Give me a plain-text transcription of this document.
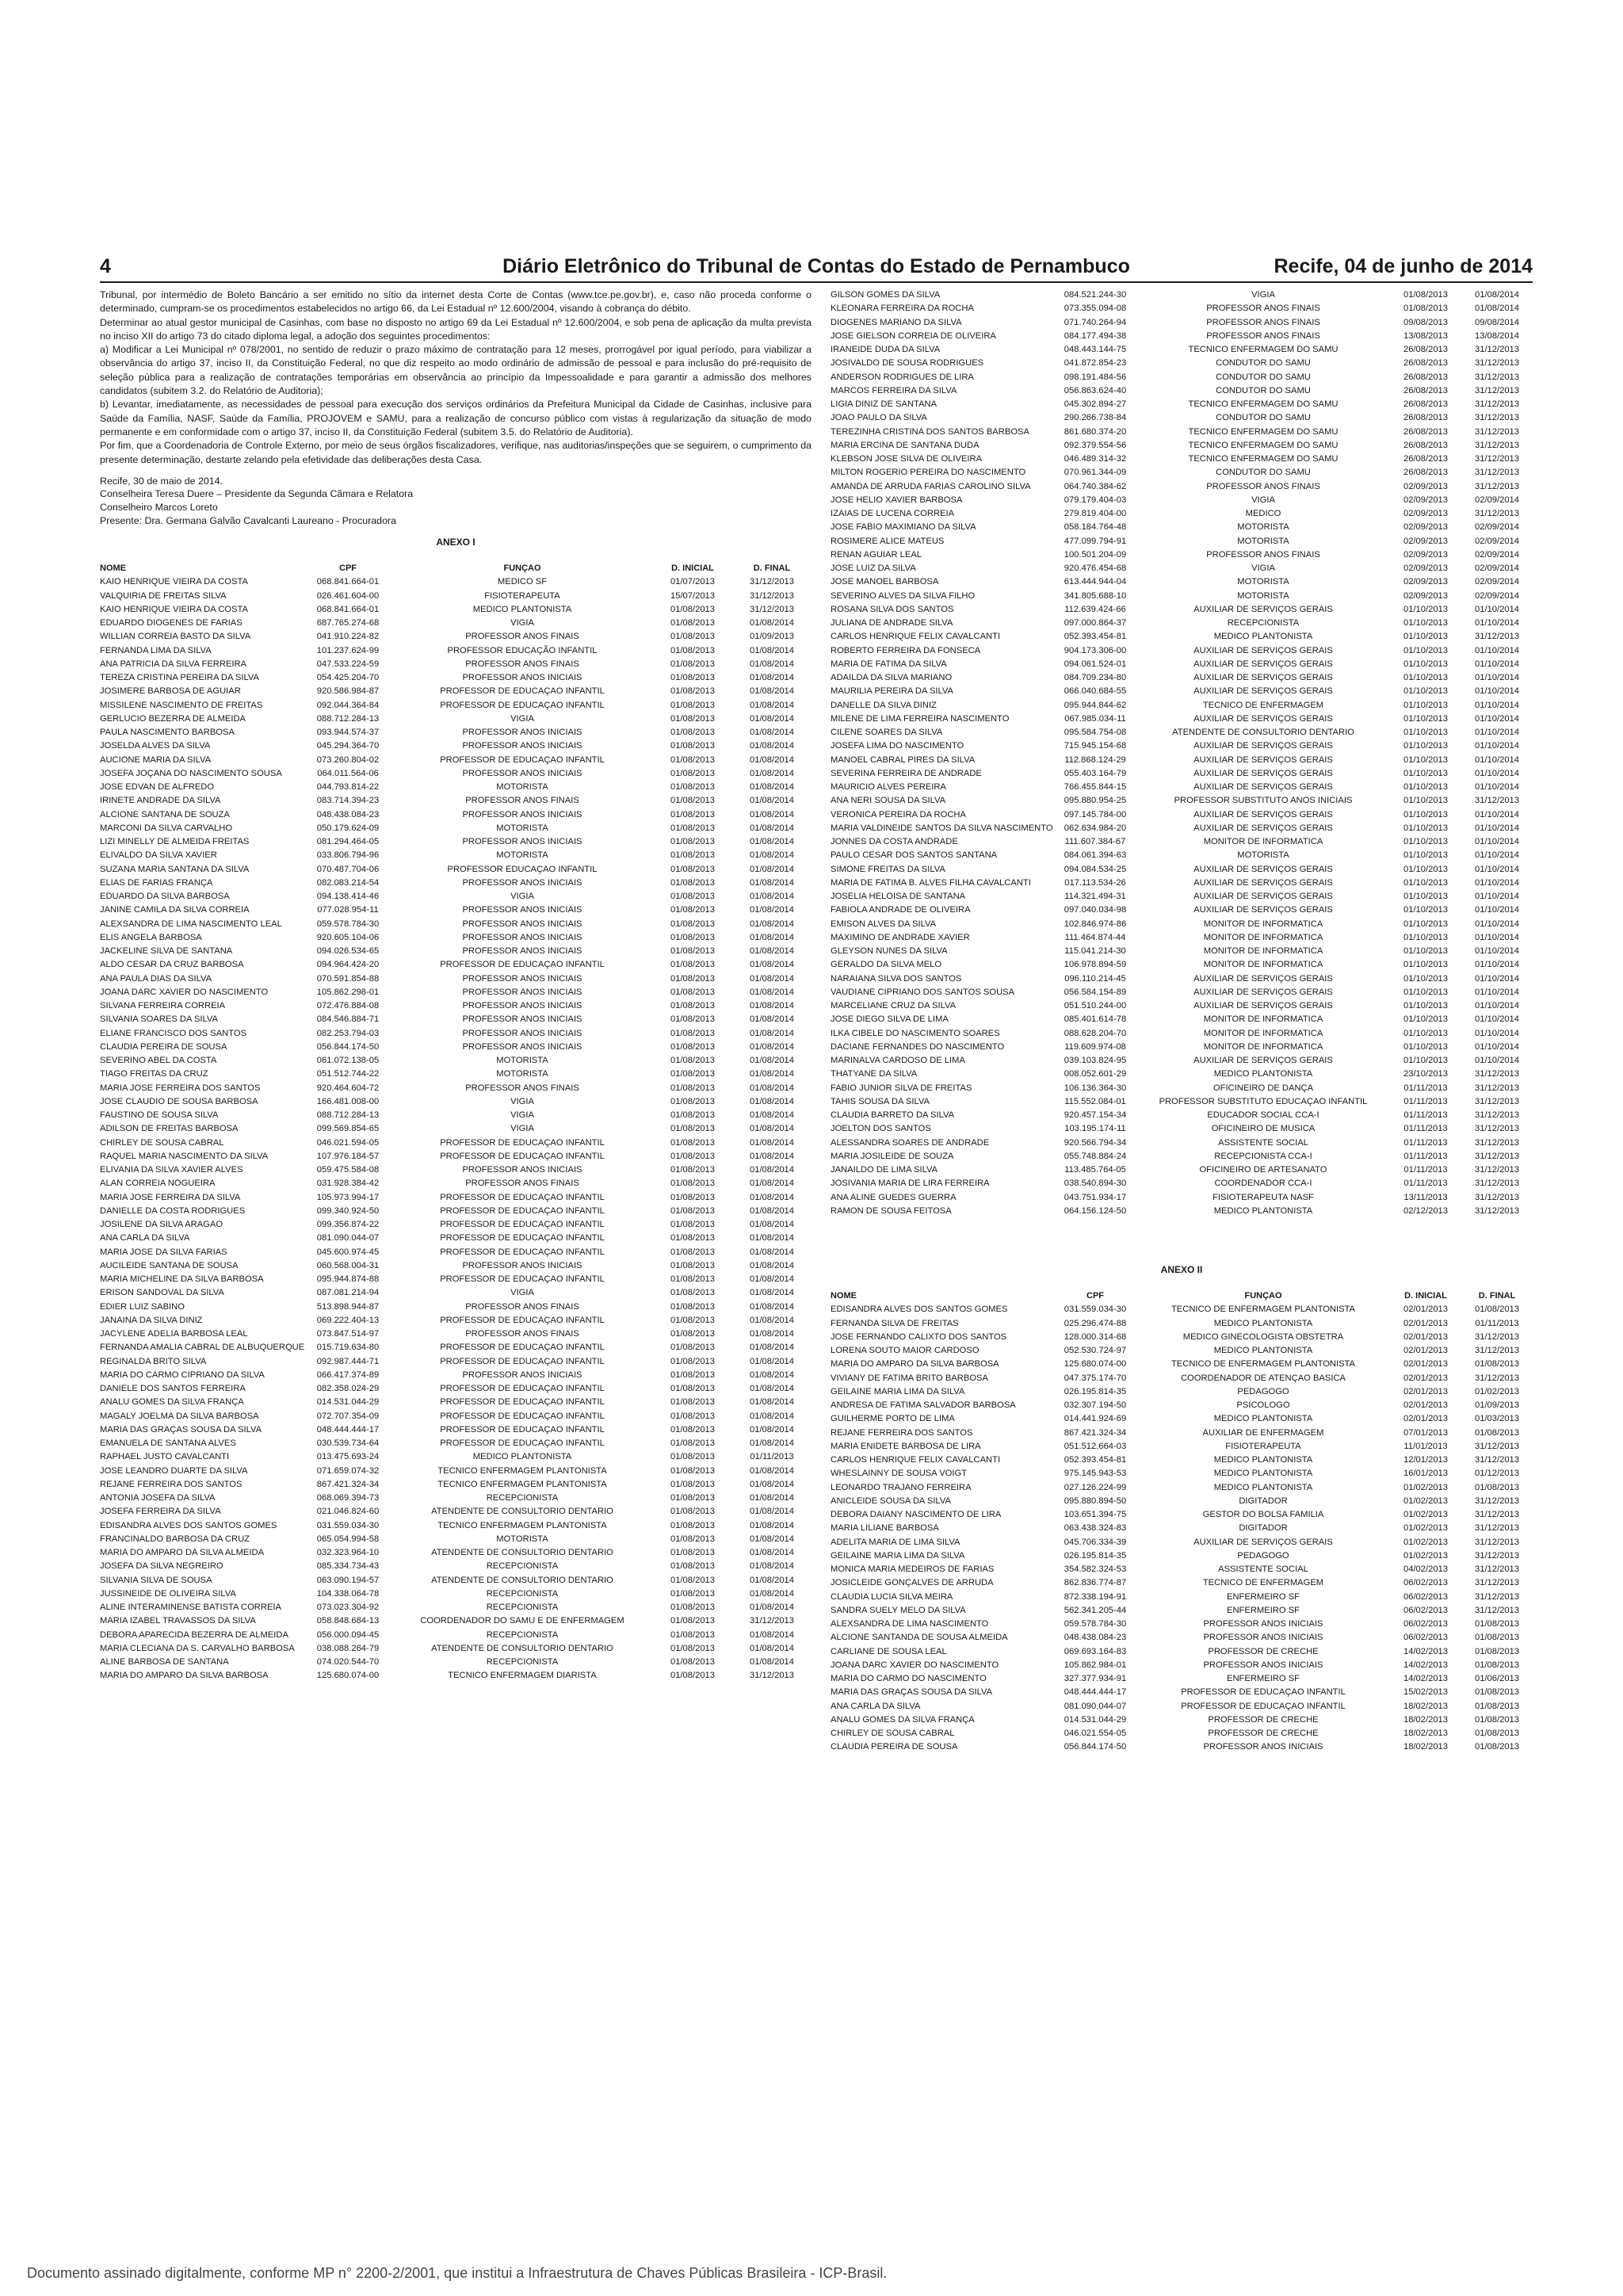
4	Diário Eletrônico do Tribunal de Contas do Estado de Pernambuco	Recife, 04 de junho de 2014

Tribunal, por intermédio de Boleto Bancário a ser emitido no sítio da internet desta Corte de Contas (www.tce.pe.gov.br), e, caso não proceda conforme o determinado, cumpram-se os procedimentos estabelecidos no artigo 66, da Lei Estadual nº 12.600/2004, visando à cobrança do débito.

Determinar ao atual gestor municipal de Casinhas, com base no disposto no artigo 69 da Lei Estadual nº 12.600/2004, e sob pena de aplicação da multa prevista no inciso XII do artigo 73 do citado diploma legal, a adoção dos seguintes procedimentos:

a) Modificar a Lei Municipal nº 078/2001, no sentido de reduzir o prazo máximo de contratação para 12 meses, prorrogável por igual período, para viabilizar a observância do artigo 37, inciso II, da Constituição Federal, no que diz respeito ao modo ordinário de admissão de pessoal e para inclusão do pré-requisito de seleção pública para a realização de contratações temporárias em observância ao princípio da Impessoalidade e para garantir a admissão dos melhores candidatos (subitem 3.2. do Relatório de Auditoria);

b) Levantar, imediatamente, as necessidades de pessoal para execução dos serviços ordinários da Prefeitura Municipal da Cidade de Casinhas, inclusive para Saúde da Família, NASF, Saúde da Família, PROJOVEM e SAMU, para a realização de concurso público com vistas à regularização da situação de modo permanente e em conformidade com o artigo 37, inciso II, da Constituição Federal (subitem 3.5. do Relatório de Auditoria).

Por fim, que a Coordenadoria de Controle Externo, por meio de seus órgãos fiscalizadores, verifique, nas auditorias/inspeções que se seguirem, o cumprimento da presente determinação, destarte zelando pela efetividade das deliberações desta Casa.

Recife, 30 de maio de 2014.

Conselheira Teresa Duere – Presidente da Segunda Câmara e Relatora

Conselheiro Marcos Loreto

Presente: Dra. Germana Galvão Cavalcanti Laureano - Procuradora

ANEXO I

NOME	CPF	FUNÇAO	D. INICIAL	D. FINAL
KAIO HENRIQUE VIEIRA DA COSTA	068.841.664-01	MEDICO SF	01/07/2013	31/12/2013
VALQUIRIA DE FREITAS SILVA	026.461.604-00	FISIOTERAPEUTA	15/07/2013	31/12/2013
KAIO HENRIQUE VIEIRA DA COSTA	068.841.664-01	MEDICO PLANTONISTA	01/08/2013	31/12/2013
EDUARDO DIOGENES DE FARIAS	687.765.274-68	VIGIA	01/08/2013	01/08/2014
WILLIAN CORREIA BASTO DA SILVA	041.910.224-82	PROFESSOR ANOS FINAIS	01/08/2013	01/09/2013
FERNANDA LIMA DA SILVA	101.237.624-99	PROFESSOR EDUCAÇÃO INFANTIL	01/08/2013	01/08/2014
ANA PATRICIA DA SILVA FERREIRA	047.533.224-59	PROFESSOR ANOS FINAIS	01/08/2013	01/08/2014
TEREZA CRISTINA PEREIRA DA SILVA	054.425.204-70	PROFESSOR ANOS INICIAIS	01/08/2013	01/08/2014
JOSIMERE BARBOSA DE AGUIAR	920.586.984-87	PROFESSOR DE EDUCAÇAO INFANTIL	01/08/2013	01/08/2014
MISSILENE NASCIMENTO DE FREITAS	092.044.364-84	PROFESSOR DE EDUCAÇAO INFANTIL	01/08/2013	01/08/2014
GERLUCIO BEZERRA DE ALMEIDA	088.712.284-13	VIGIA	01/08/2013	01/08/2014
PAULA NASCIMENTO BARBOSA	093.944.574-37	PROFESSOR ANOS INICIAIS	01/08/2013	01/08/2014
JOSELDA ALVES DA SILVA	045.294.364-70	PROFESSOR ANOS INICIAIS	01/08/2013	01/08/2014
AUCIONE MARIA DA SILVA	073.260.804-02	PROFESSOR DE EDUCAÇAO INFANTIL	01/08/2013	01/08/2014
JOSEFA JOÇANA DO NASCIMENTO SOUSA	064.011.564-06	PROFESSOR ANOS INICIAIS	01/08/2013	01/08/2014
JOSE EDVAN DE ALFREDO	044.793.814-22	MOTORISTA	01/08/2013	01/08/2014
IRINETE ANDRADE DA SILVA	083.714.394-23	PROFESSOR ANOS FINAIS	01/08/2013	01/08/2014
ALCIONE SANTANA DE SOUZA	048.438.084-23	PROFESSOR ANOS INICIAIS	01/08/2013	01/08/2014
MARCONI DA SILVA CARVALHO	050.179.624-09	MOTORISTA	01/08/2013	01/08/2014
LIZI MINELLY DE ALMEIDA FREITAS	081.294.464-05	PROFESSOR ANOS INICIAIS	01/08/2013	01/08/2014
ELIVALDO DA SILVA XAVIER	033.806.794-96	MOTORISTA	01/08/2013	01/08/2014
SUZANA MARIA SANTANA DA SILVA	070.487.704-06	PROFESSOR EDUCAÇAO INFANTIL	01/08/2013	01/08/2014
ELIAS DE FARIAS FRANÇA	082.083.214-54	PROFESSOR ANOS INICIAIS	01/08/2013	01/08/2014
EDUARDO DA SILVA BARBOSA	094.138.414-46	VIGIA	01/08/2013	01/08/2014
JANINE CAMILA DA SILVA CORREIA	077.028.954-11	PROFESSOR ANOS INICIAIS	01/08/2013	01/08/2014
ALEXSANDRA DE LIMA NASCIMENTO LEAL	059.578.784-30	PROFESSOR ANOS INICIAIS	01/08/2013	01/08/2014
ELIS ANGELA BARBOSA	920.605.104-06	PROFESSOR ANOS INICIAIS	01/08/2013	01/08/2014
JACKELINE SILVA DE SANTANA	094.026.534-65	PROFESSOR ANOS INICIAIS	01/08/2013	01/08/2014
ALDO CESAR DA CRUZ BARBOSA	094.964.424-20	PROFESSOR DE EDUCAÇAO INFANTIL	01/08/2013	01/08/2014
ANA PAULA DIAS DA SILVA	070.591.854-88	PROFESSOR ANOS INICIAIS	01/08/2013	01/08/2014
JOANA DARC XAVIER DO NASCIMENTO	105.862.298-01	PROFESSOR ANOS INICIAIS	01/08/2013	01/08/2014
SILVANA FERREIRA CORREIA	072.476.884-08	PROFESSOR ANOS INICIAIS	01/08/2013	01/08/2014
SILVANIA SOARES DA SILVA	084.546.884-71	PROFESSOR ANOS INICIAIS	01/08/2013	01/08/2014
ELIANE FRANCISCO DOS SANTOS	082.253.794-03	PROFESSOR ANOS INICIAIS	01/08/2013	01/08/2014
CLAUDIA PEREIRA DE SOUSA	056.844.174-50	PROFESSOR ANOS INICIAIS	01/08/2013	01/08/2014
SEVERINO ABEL DA COSTA	061.072.138-05	MOTORISTA	01/08/2013	01/08/2014
TIAGO FREITAS DA CRUZ	051.512.744-22	MOTORISTA	01/08/2013	01/08/2014
MARIA JOSE FERREIRA DOS SANTOS	920.464.604-72	PROFESSOR ANOS FINAIS	01/08/2013	01/08/2014
JOSE CLAUDIO DE SOUSA BARBOSA	166.481.008-00	VIGIA	01/08/2013	01/08/2014
FAUSTINO DE SOUSA SILVA	088.712.284-13	VIGIA	01/08/2013	01/08/2014
ADILSON DE FREITAS BARBOSA	099.569.854-65	VIGIA	01/08/2013	01/08/2014
CHIRLEY DE SOUSA CABRAL	046.021.594-05	PROFESSOR DE EDUCAÇAO INFANTIL	01/08/2013	01/08/2014
RAQUEL MARIA NASCIMENTO DA SILVA	107.976.184-57	PROFESSOR DE EDUCAÇAO INFANTIL	01/08/2013	01/08/2014
ELIVANIA DA SILVA XAVIER ALVES	059.475.584-08	PROFESSOR ANOS INICIAIS	01/08/2013	01/08/2014
ALAN CORREIA NOGUEIRA	031.928.384-42	PROFESSOR ANOS FINAIS	01/08/2013	01/08/2014
MARIA JOSE FERREIRA DA SILVA	105.973.994-17	PROFESSOR DE EDUCAÇAO INFANTIL	01/08/2013	01/08/2014
DANIELLE DA COSTA RODRIGUES	099.340.924-50	PROFESSOR DE EDUCAÇAO INFANTIL	01/08/2013	01/08/2014
JOSILENE DA SILVA ARAGAO	099.356.874-22	PROFESSOR DE EDUCAÇAO INFANTIL	01/08/2013	01/08/2014
ANA CARLA DA SILVA	081.090.044-07	PROFESSOR DE EDUCAÇAO INFANTIL	01/08/2013	01/08/2014
MARIA JOSE DA SILVA FARIAS	045.600.974-45	PROFESSOR DE EDUCAÇAO INFANTIL	01/08/2013	01/08/2014
AUCILEIDE SANTANA DE SOUSA	060.568.004-31	PROFESSOR ANOS INICIAIS	01/08/2013	01/08/2014
MARIA MICHELINE DA SILVA BARBOSA	095.944.874-88	PROFESSOR DE EDUCAÇAO INFANTIL	01/08/2013	01/08/2014
ERISON SANDOVAL DA SILVA	087.081.214-94	VIGIA	01/08/2013	01/08/2014
EDIER LUIZ SABINO	513.898.944-87	PROFESSOR ANOS FINAIS	01/08/2013	01/08/2014
JANAINA DA SILVA DINIZ	069.222.404-13	PROFESSOR DE EDUCAÇAO INFANTIL	01/08/2013	01/08/2014
JACYLENE ADELIA BARBOSA LEAL	073.847.514-97	PROFESSOR ANOS FINAIS	01/08/2013	01/08/2014
FERNANDA AMALIA CABRAL DE ALBUQUERQUE	015.719.634-80	PROFESSOR DE EDUCAÇAO INFANTIL	01/08/2013	01/08/2014
REGINALDA BRITO SILVA	092.987.444-71	PROFESSOR DE EDUCAÇAO INFANTIL	01/08/2013	01/08/2014
MARIA DO CARMO CIPRIANO DA SILVA	066.417.374-89	PROFESSOR ANOS INICIAIS	01/08/2013	01/08/2014
DANIELE DOS SANTOS FERREIRA	082.358.024-29	PROFESSOR DE EDUCAÇAO INFANTIL	01/08/2013	01/08/2014
ANALU GOMES DA SILVA FRANÇA	014.531.044-29	PROFESSOR DE EDUCAÇAO INFANTIL	01/08/2013	01/08/2014
MAGALY JOELMA DA SILVA BARBOSA	072.707.354-09	PROFESSOR DE EDUCAÇAO INFANTIL	01/08/2013	01/08/2014
MARIA DAS GRAÇAS SOUSA DA SILVA	048.444.444-17	PROFESSOR DE EDUCAÇAO INFANTIL	01/08/2013	01/08/2014
EMANUELA DE SANTANA ALVES	030.539.734-64	PROFESSOR DE EDUCAÇAO INFANTIL	01/08/2013	01/08/2014
RAPHAEL JUSTO CAVALCANTI	013.475.693-24	MEDICO PLANTONISTA	01/08/2013	01/11/2013
JOSE LEANDRO DUARTE DA SILVA	071.659.074-32	TECNICO ENFERMAGEM PLANTONISTA	01/08/2013	01/08/2014
REJANE FERREIRA DOS SANTOS	867.421.324-34	TECNICO ENFERMAGEM PLANTONISTA	01/08/2013	01/08/2014
ANTONIA JOSEFA DA SILVA	068.069.394-73	RECEPCIONISTA	01/08/2013	01/08/2014
JOSEFA FERREIRA DA SILVA	021.046.824-60	ATENDENTE DE CONSULTORIO DENTARIO	01/08/2013	01/08/2014
EDISANDRA ALVES DOS SANTOS GOMES	031.559.034-30	TECNICO ENFERMAGEM PLANTONISTA	01/08/2013	01/08/2014
FRANCINALDO BARBOSA DA CRUZ	065.054.994-58	MOTORISTA	01/08/2013	01/08/2014
MARIA DO AMPARO DA SILVA ALMEIDA	032.323.964-10	ATENDENTE DE CONSULTORIO DENTARIO	01/08/2013	01/08/2014
JOSEFA DA SILVA NEGREIRO	085.334.734-43	RECEPCIONISTA	01/08/2013	01/08/2014
SILVANIA SILVA DE SOUSA	063.090.194-57	ATENDENTE DE CONSULTORIO DENTARIO	01/08/2013	01/08/2014
JUSSINEIDE DE OLIVEIRA SILVA	104.338.064-78	RECEPCIONISTA	01/08/2013	01/08/2014
ALINE INTERAMINENSE BATISTA CORREIA	073.023.304-92	RECEPCIONISTA	01/08/2013	01/08/2014
MARIA IZABEL TRAVASSOS DA SILVA	058.848.684-13	COORDENADOR DO SAMU E DE ENFERMAGEM	01/08/2013	31/12/2013
DEBORA APARECIDA BEZERRA DE ALMEIDA	056.000.094-45	RECEPCIONISTA	01/08/2013	01/08/2014
MARIA CLECIANA DA S. CARVALHO BARBOSA	038.088.264-79	ATENDENTE DE CONSULTORIO DENTARIO	01/08/2013	01/08/2014
ALINE BARBOSA DE SANTANA	074.020.544-70	RECEPCIONISTA	01/08/2013	01/08/2014
MARIA DO AMPARO DA SILVA BARBOSA	125.680.074-00	TECNICO ENFERMAGEM DIARISTA	01/08/2013	31/12/2013
GILSON GOMES DA SILVA	084.521.244-30	VIGIA	01/08/2013	01/08/2014
KLEONARA FERREIRA DA ROCHA	073.355.094-08	PROFESSOR ANOS FINAIS	01/08/2013	01/08/2014
DIOGENES MARIANO DA SILVA	071.740.264-94	PROFESSOR ANOS FINAIS	09/08/2013	09/08/2014
JOSE GIELSON CORREIA DE OLIVEIRA	084.177.494-38	PROFESSOR ANOS FINAIS	13/08/2013	13/08/2014
IRANEIDE DUDA DA SILVA	048.443.144-75	TECNICO ENFERMAGEM DO SAMU	26/08/2013	31/12/2013
JOSIVALDO DE SOUSA RODRIGUES	041.872.854-23	CONDUTOR DO SAMU	26/08/2013	31/12/2013
ANDERSON RODRIGUES DE LIRA	098.191.484-56	CONDUTOR DO SAMU	26/08/2013	31/12/2013
MARCOS FERREIRA DA SILVA	056.863.624-40	CONDUTOR DO SAMU	26/08/2013	31/12/2013
LIGIA DINIZ DE SANTANA	045.302.894-27	TECNICO ENFERMAGEM DO SAMU	26/08/2013	31/12/2013
JOAO PAULO DA SILVA	290.266.738-84	CONDUTOR DO SAMU	26/08/2013	31/12/2013
TEREZINHA CRISTINA DOS SANTOS BARBOSA	861.680.374-20	TECNICO ENFERMAGEM DO SAMU	26/08/2013	31/12/2013
MARIA ERCINA DE SANTANA DUDA	092.379.554-56	TECNICO ENFERMAGEM DO SAMU	26/08/2013	31/12/2013
KLEBSON JOSE SILVA DE OLIVEIRA	046.489.314-32	TECNICO ENFERMAGEM DO SAMU	26/08/2013	31/12/2013
MILTON ROGERIO PEREIRA DO NASCIMENTO	070.961.344-09	CONDUTOR DO SAMU	26/08/2013	31/12/2013
AMANDA DE ARRUDA FARIAS CAROLINO SILVA	064.740.384-62	PROFESSOR ANOS FINAIS	02/09/2013	31/12/2013
JOSE HELIO XAVIER BARBOSA	079.179.404-03	VIGIA	02/09/2013	02/09/2014
IZAIAS DE LUCENA CORREIA	279.819.404-00	MEDICO	02/09/2013	31/12/2013
JOSE FABIO MAXIMIANO DA SILVA	058.184.764-48	MOTORISTA	02/09/2013	02/09/2014
ROSIMERE ALICE MATEUS	477.099.794-91	MOTORISTA	02/09/2013	02/09/2014
RENAN AGUIAR LEAL	100.501.204-09	PROFESSOR ANOS FINAIS	02/09/2013	02/09/2014
JOSE LUIZ DA SILVA	920.476.454-68	VIGIA	02/09/2013	02/09/2014
JOSE MANOEL BARBOSA	613.444.944-04	MOTORISTA	02/09/2013	02/09/2014
SEVERINO ALVES DA SILVA FILHO	341.805.688-10	MOTORISTA	02/09/2013	02/09/2014
ROSANA SILVA DOS SANTOS	112.639.424-66	AUXILIAR DE SERVIÇOS GERAIS	01/10/2013	01/10/2014
JULIANA DE ANDRADE SILVA	097.000.864-37	RECEPCIONISTA	01/10/2013	01/10/2014
CARLOS HENRIQUE FELIX CAVALCANTI	052.393.454-81	MEDICO PLANTONISTA	01/10/2013	31/12/2013
ROBERTO FERREIRA DA FONSECA	904.173.306-00	AUXILIAR DE SERVIÇOS GERAIS	01/10/2013	01/10/2014
MARIA DE FATIMA DA SILVA	094.061.524-01	AUXILIAR DE SERVIÇOS GERAIS	01/10/2013	01/10/2014
ADAILDA DA SILVA MARIANO	084.709.234-80	AUXILIAR DE SERVIÇOS GERAIS	01/10/2013	01/10/2014
MAURILIA PEREIRA DA SILVA	066.040.684-55	AUXILIAR DE SERVIÇOS GERAIS	01/10/2013	01/10/2014
DANELLE DA SILVA DINIZ	095.944.844-62	TECNICO DE ENFERMAGEM	01/10/2013	01/10/2014
MILENE DE LIMA FERREIRA NASCIMENTO	067.985.034-11	AUXILIAR DE SERVIÇOS GERAIS	01/10/2013	01/10/2014
CILENE SOARES DA SILVA	095.584.754-08	ATENDENTE DE CONSULTORIO DENTARIO	01/10/2013	01/10/2014
JOSEFA LIMA DO NASCIMENTO	715.945.154-68	AUXILIAR DE SERVIÇOS GERAIS	01/10/2013	01/10/2014
MANOEL CABRAL PIRES DA SILVA	112.868.124-29	AUXILIAR DE SERVIÇOS GERAIS	01/10/2013	01/10/2014
SEVERINA FERREIRA DE ANDRADE	055.403.164-79	AUXILIAR DE SERVIÇOS GERAIS	01/10/2013	01/10/2014
MAURICIO ALVES PEREIRA	766.455.844-15	AUXILIAR DE SERVIÇOS GERAIS	01/10/2013	01/10/2014
ANA NERI SOUSA DA SILVA	095.880.954-25	PROFESSOR SUBSTITUTO ANOS INICIAIS	01/10/2013	31/12/2013
VERONICA PEREIRA DA ROCHA	097.145.784-00	AUXILIAR DE SERVIÇOS GERAIS	01/10/2013	01/10/2014
MARIA VALDINEIDE SANTOS DA SILVA NASCIMENTO	062.634.984-20	AUXILIAR DE SERVIÇOS GERAIS	01/10/2013	01/10/2014
JONNES DA COSTA ANDRADE	111.607.384-67	MONITOR DE INFORMATICA	01/10/2013	01/10/2014
PAULO CESAR DOS SANTOS SANTANA	084.061.394-63	MOTORISTA	01/10/2013	01/10/2014
SIMONE FREITAS DA SILVA	094.084.534-25	AUXILIAR DE SERVIÇOS GERAIS	01/10/2013	01/10/2014
MARIA DE FATIMA B. ALVES FILHA CAVALCANTI	017.113.534-26	AUXILIAR DE SERVIÇOS GERAIS	01/10/2013	01/10/2014
JOSELIA HELOISA DE SANTANA	114.321.494-31	AUXILIAR DE SERVIÇOS GERAIS	01/10/2013	01/10/2014
FABIOLA ANDRADE DE OLIVEIRA	097.040.034-98	AUXILIAR DE SERVIÇOS GERAIS	01/10/2013	01/10/2014
EMISON ALVES DA SILVA	102.846.974-86	MONITOR DE INFORMATICA	01/10/2013	01/10/2014
MAXIMINO DE ANDRADE XAVIER	111.464.874-44	MONITOR DE INFORMATICA	01/10/2013	01/10/2014
GLEYSON NUNES DA SILVA	115.041.214-30	MONITOR DE INFORMATICA	01/10/2013	01/10/2014
GERALDO DA SILVA MELO	106.978.894-59	MONITOR DE INFORMATICA	01/10/2013	01/10/2014
NARAIANA SILVA DOS SANTOS	096.110.214-45	AUXILIAR DE SERVIÇOS GERAIS	01/10/2013	01/10/2014
VAUDIANE CIPRIANO DOS SANTOS SOUSA	056.584.154-89	AUXILIAR DE SERVIÇOS GERAIS	01/10/2013	01/10/2014
MARCELIANE CRUZ DA SILVA	051.510.244-00	AUXILIAR DE SERVIÇOS GERAIS	01/10/2013	01/10/2014
JOSE DIEGO SILVA DE LIMA	085.401.614-78	MONITOR DE INFORMATICA	01/10/2013	01/10/2014
ILKA CIBELE DO NASCIMENTO SOARES	088.628.204-70	MONITOR DE INFORMATICA	01/10/2013	01/10/2014
DACIANE FERNANDES DO NASCIMENTO	119.609.974-08	MONITOR DE INFORMATICA	01/10/2013	01/10/2014
MARINALVA CARDOSO DE LIMA	039.103.824-95	AUXILIAR DE SERVIÇOS GERAIS	01/10/2013	01/10/2014
THATYANE DA SILVA	008.052.601-29	MEDICO PLANTONISTA	23/10/2013	31/12/2013
FABIO JUNIOR SILVA DE FREITAS	106.136.364-30	OFICINEIRO DE DANÇA	01/11/2013	31/12/2013
TAHIS SOUSA DA SILVA	115.552.084-01	PROFESSOR SUBSTITUTO EDUCAÇAO INFANTIL	01/11/2013	31/12/2013
CLAUDIA BARRETO DA SILVA	920.457.154-34	EDUCADOR SOCIAL CCA-I	01/11/2013	31/12/2013
JOELTON DOS SANTOS	103.195.174-11	OFICINEIRO DE MUSICA	01/11/2013	31/12/2013
ALESSANDRA SOARES DE ANDRADE	920.566.794-34	ASSISTENTE SOCIAL	01/11/2013	31/12/2013
MARIA JOSILEIDE DE SOUZA	055.748.884-24	RECEPCIONISTA CCA-I	01/11/2013	31/12/2013
JANAILDO DE LIMA SILVA	113.485.764-05	OFICINEIRO DE ARTESANATO	01/11/2013	31/12/2013
JOSIVANIA MARIA DE LIRA FERREIRA	038.540.894-30	COORDENADOR CCA-I	01/11/2013	31/12/2013
ANA ALINE GUEDES GUERRA	043.751.934-17	FISIOTERAPEUTA NASF	13/11/2013	31/12/2013
RAMON DE SOUSA FEITOSA	064.156.124-50	MEDICO PLANTONISTA	02/12/2013	31/12/2013

ANEXO II

NOME	CPF	FUNÇAO	D. INICIAL	D. FINAL
EDISANDRA ALVES DOS SANTOS GOMES	031.559.034-30	TECNICO DE ENFERMAGEM PLANTONISTA	02/01/2013	01/08/2013
FERNANDA SILVA DE FREITAS	025.296.474-88	MEDICO PLANTONISTA	02/01/2013	01/11/2013
JOSE FERNANDO CALIXTO DOS SANTOS	128.000.314-68	MEDICO GINECOLOGISTA OBSTETRA	02/01/2013	31/12/2013
LORENA SOUTO MAIOR CARDOSO	052.530.724-97	MEDICO PLANTONISTA	02/01/2013	31/12/2013
MARIA DO AMPARO DA SILVA BARBOSA	125.680.074-00	TECNICO DE ENFERMAGEM PLANTONISTA	02/01/2013	01/08/2013
VIVIANY DE FATIMA BRITO BARBOSA	047.375.174-70	COORDENADOR DE ATENÇAO BASICA	02/01/2013	31/12/2013
GEILAINE MARIA LIMA DA SILVA	026.195.814-35	PEDAGOGO	02/01/2013	01/02/2013
ANDRESA DE FATIMA SALVADOR BARBOSA	032.307.194-50	PSICOLOGO	02/01/2013	01/09/2013
GUILHERME PORTO DE LIMA	014.441.924-69	MEDICO PLANTONISTA	02/01/2013	01/03/2013
REJANE FERREIRA DOS SANTOS	867.421.324-34	AUXILIAR DE ENFERMAGEM	07/01/2013	01/08/2013
MARIA ENIDETE BARBOSA DE LIRA	051.512.664-03	FISIOTERAPEUTA	11/01/2013	31/12/2013
CARLOS HENRIQUE FELIX CAVALCANTI	052.393.454-81	MEDICO PLANTONISTA	12/01/2013	31/12/2013
WHESLAINNY DE SOUSA VOIGT	975.145.943-53	MEDICO PLANTONISTA	16/01/2013	01/12/2013
LEONARDO TRAJANO FERREIRA	027.126.224-99	MEDICO PLANTONISTA	01/02/2013	01/08/2013
ANICLEIDE SOUSA DA SILVA	095.880.894-50	DIGITADOR	01/02/2013	31/12/2013
DEBORA DAIANY NASCIMENTO DE LIRA	103.651.394-75	GESTOR DO BOLSA FAMILIA	01/02/2013	31/12/2013
MARIA LILIANE BARBOSA	063.438.324-83	DIGITADOR	01/02/2013	31/12/2013
ADELITA MARIA DE LIMA SILVA	045.706.334-39	AUXILIAR DE SERVIÇOS GERAIS	01/02/2013	31/12/2013
GEILAINE MARIA LIMA DA SILVA	026.195.814-35	PEDAGOGO	01/02/2013	31/12/2013
MONICA MARIA MEDEIROS DE FARIAS	354.582.324-53	ASSISTENTE SOCIAL	04/02/2013	31/12/2013
JOSICLEIDE GONÇALVES DE ARRUDA	862.836.774-87	TECNICO DE ENFERMAGEM	06/02/2013	31/12/2013
CLAUDIA LUCIA SILVA MEIRA	872.338.194-91	ENFERMEIRO SF	06/02/2013	31/12/2013
SANDRA SUELY MELO DA SILVA	562.341.205-44	ENFERMEIRO SF	06/02/2013	31/12/2013
ALEXSANDRA DE LIMA NASCIMENTO	059.578.784-30	PROFESSOR ANOS INICIAIS	06/02/2013	01/08/2013
ALCIONE SANTANDA DE SOUSA ALMEIDA	048.438.084-23	PROFESSOR ANOS INICIAIS	06/02/2013	01/08/2013
CARLIANE DE SOUSA LEAL	069.693.164-83	PROFESSOR DE CRECHE	14/02/2013	01/08/2013
JOANA DARC XAVIER DO NASCIMENTO	105.862.984-01	PROFESSOR ANOS INICIAIS	14/02/2013	01/08/2013
MARIA DO CARMO DO NASCIMENTO	327.377.934-91	ENFERMEIRO SF	14/02/2013	01/06/2013
MARIA DAS GRAÇAS SOUSA DA SILVA	048.444.444-17	PROFESSOR DE EDUCAÇAO INFANTIL	15/02/2013	01/08/2013
ANA CARLA DA SILVA	081.090.044-07	PROFESSOR DE EDUCAÇAO INFANTIL	18/02/2013	01/08/2013
ANALU GOMES DA SILVA FRANÇA	014.531.044-29	PROFESSOR DE CRECHE	18/02/2013	01/08/2013
CHIRLEY DE SOUSA CABRAL	046.021.554-05	PROFESSOR DE CRECHE	18/02/2013	01/08/2013
CLAUDIA PEREIRA DE SOUSA	056.844.174-50	PROFESSOR ANOS INICIAIS	18/02/2013	01/08/2013
Documento assinado digitalmente, conforme MP n° 2200-2/2001, que institui a Infraestrutura de Chaves Públicas Brasileira - ICP-Brasil.
